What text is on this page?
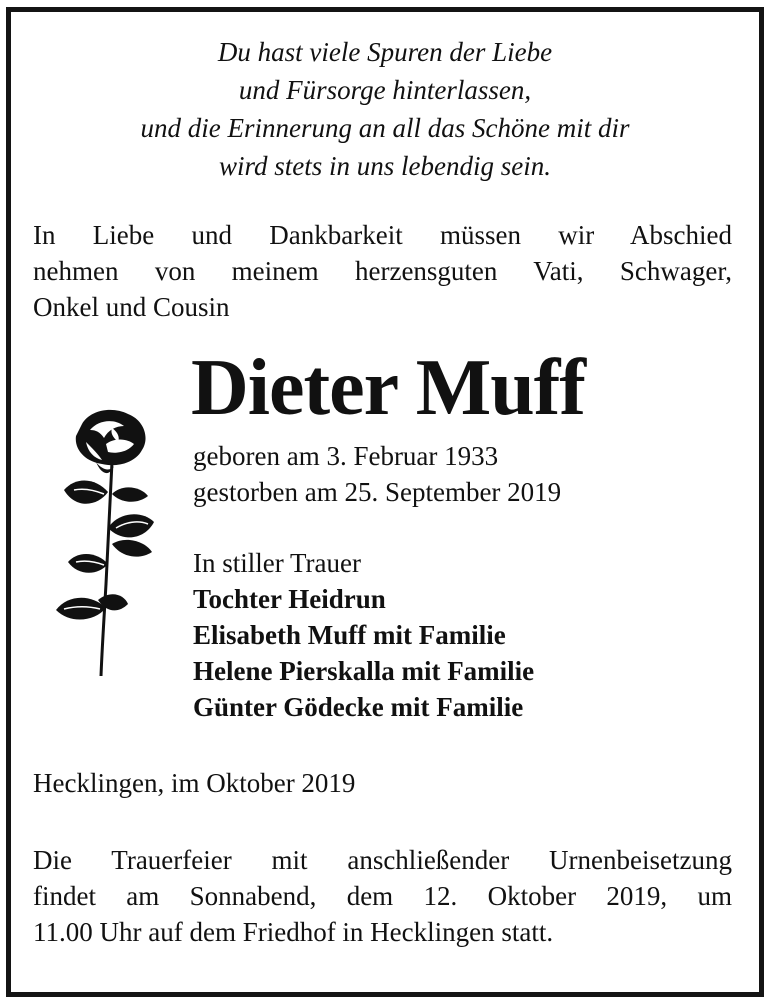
Du hast viele Spuren der Liebe
und Fürsorge hinterlassen,
und die Erinnerung an all das Schöne mit dir
wird stets in uns lebendig sein.
In Liebe und Dankbarkeit müssen wir Abschied
nehmen von meinem herzensguten Vati, Schwager,
Onkel und Cousin
Dieter Muff
geboren am 3. Februar 1933
gestorben am 25. September 2019
In stiller Trauer
Tochter Heidrun
Elisabeth Muff mit Familie
Helene Pierskalla mit Familie
Günter Gödecke mit Familie
Hecklingen, im Oktober 2019
Die Trauerfeier mit anschließender Urnenbeisetzung
findet am Sonnabend, dem 12. Oktober 2019, um
11.00 Uhr auf dem Friedhof in Hecklingen statt.
